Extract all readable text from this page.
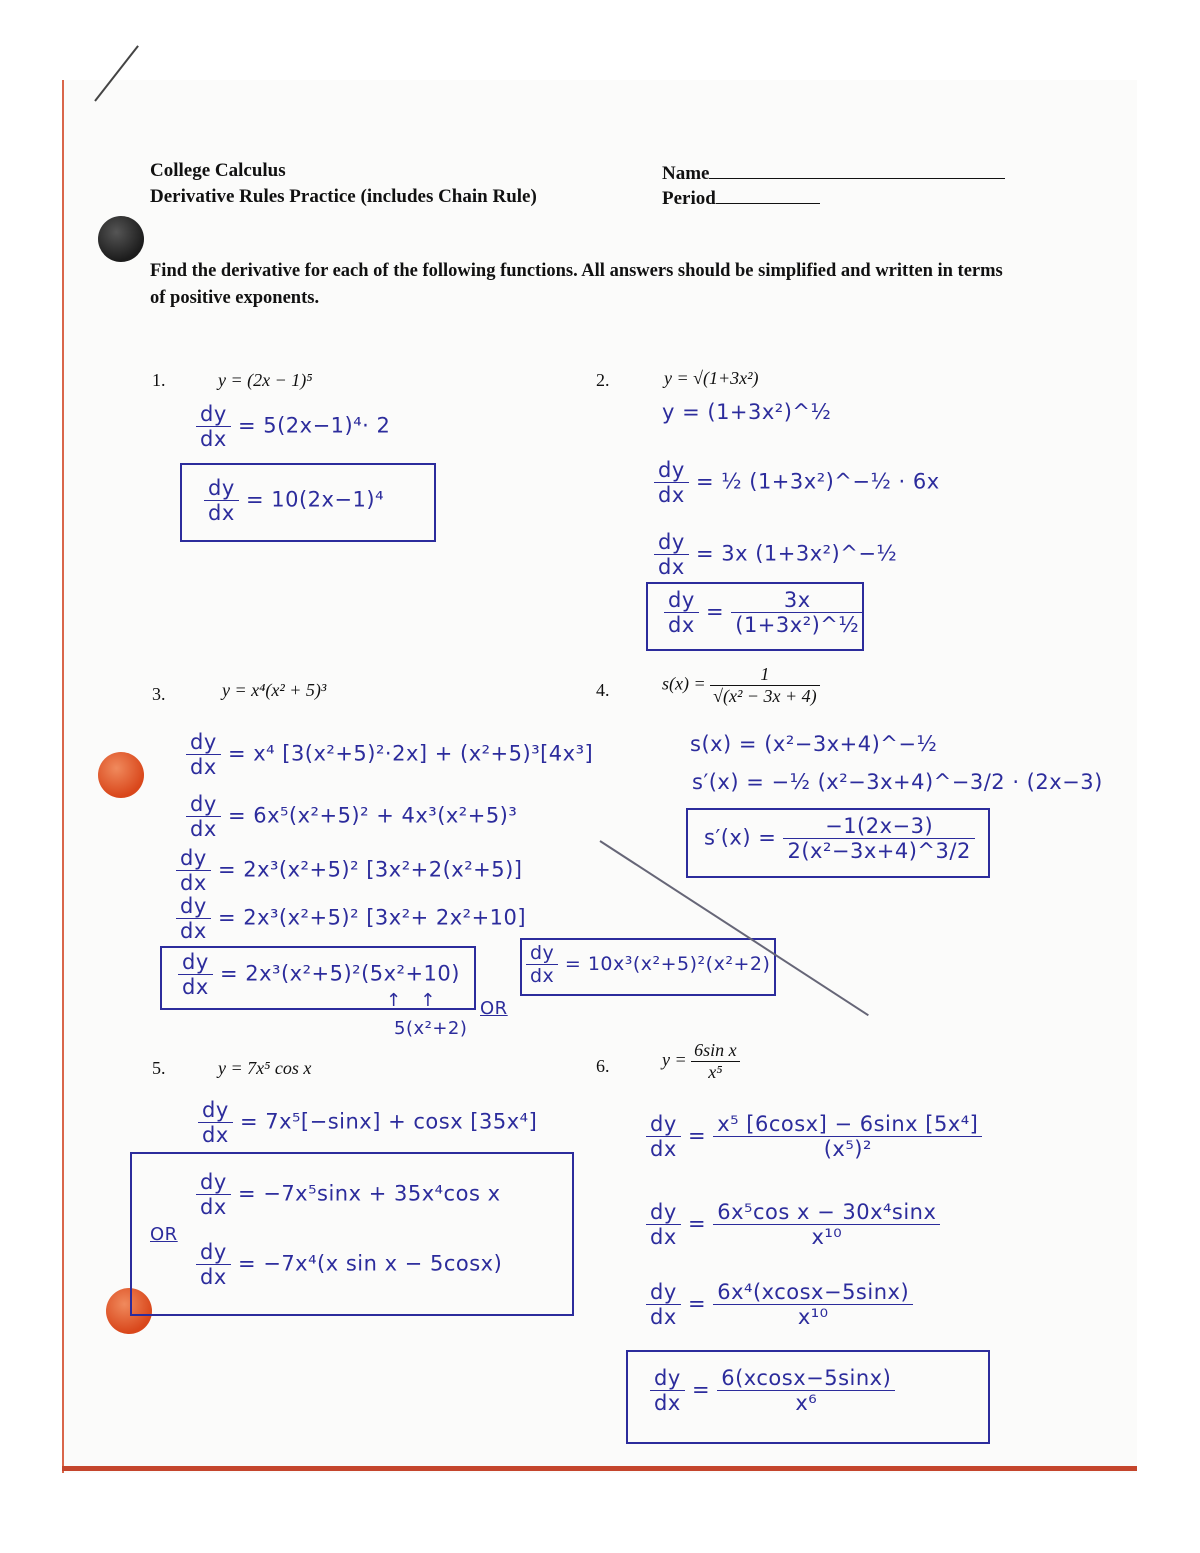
College Calculus
Derivative Rules Practice (includes Chain Rule)
Name
Period
Find the derivative for each of the following functions. All answers should be simplified and written in terms of positive exponents.
1.	y = (2x − 1)⁵
$\frac{dy}{dx} = 5(2x-1)^4\cdot 2$
$\frac{dy}{dx} = 10(2x-1)^4$
2.	y = √(1+3x²)
y = (1+3x²)^½
$\frac{dy}{dx}$ = ½ (1+3x²)^−½ · 6x
$\frac{dy}{dx} = 3x$ (1+3x²)^−½
$\frac{dy}{dx} = \frac{3x}{\text{(1+3x²)\textasciicircum{}½}}$
3.	y = x⁴(x² + 5)³
$\frac{dy}{dx} = x^4$ [3(x²+5)²·2x] + (x²+5)³[4x³]
$\frac{dy}{dx} = 6x^5(x^2+5)^2 + 4x^3(x^2+5)^3$
$\frac{dy}{dx} = 2x^3(x^2+5)^2$ [3x²+2(x²+5)]
$\frac{dy}{dx} = 2x^3(x^2+5)^2$ [3x²+ 2x²+10]
$\frac{dy}{dx} = 2x^3(x^2+5)^2(5x^2+10)$
↑   ↑
5(x²+2)
OR
$\frac{dy}{dx} = 10x^3(x^2+5)^2(x^2+2)$
4.	$s(x) = \frac{1}{\text{√(x² − 3x + 4)}}$
s(x) = (x²−3x+4)^−½
s′(x) = −½ (x²−3x+4)^−3/2 · (2x−3)
$s'(x) = \frac{-1(2x-3)}{\text{2(x²−3x+4)\textasciicircum{}3/2}}$
5.	y = 7x⁵ cos x
$\frac{dy}{dx} = 7x^5[-\sin x] + \cos x$ [35x⁴]
$\frac{dy}{dx} = -7x^5\sin x + 35x^4\cos$ x
OR
$\frac{dy}{dx} = -7x^4(x$ sin x − 5cosx)
6.	$y = \frac{\text{6sin x}}{\text{x⁵}}$
$\frac{dy}{dx} = \frac{\text{x⁵ [6cosx] − 6sinx [5x⁴]}}{\text{(x⁵)²}}$
$\frac{dy}{dx} = \frac{\text{6x⁵cos x − 30x⁴sinx}}{\text{x¹⁰}}$
$\frac{dy}{dx} = \frac{\text{6x⁴(xcosx−5sinx)}}{\text{x¹⁰}}$
$\frac{dy}{dx} = \frac{6(xcosx-5\sin x)}{\text{x⁶}}$
